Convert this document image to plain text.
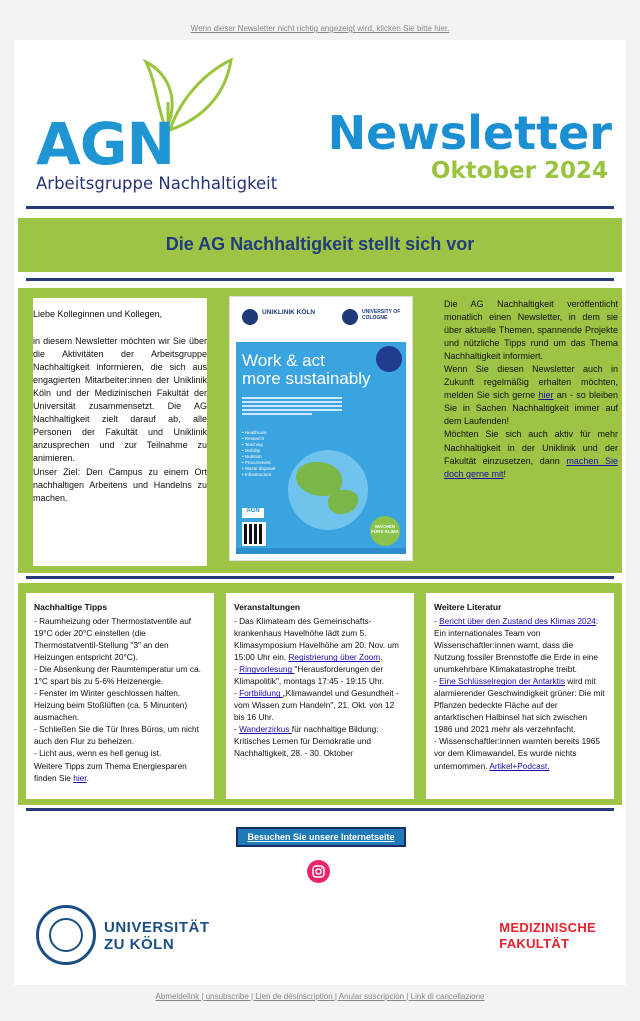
Wenn dieser Newsletter nicht richtig angezeigt wird, klicken Sie bitte hier.
AGN
Arbeitsgruppe Nachhaltigkeit
Newsletter
Oktober 2024
Die AG Nachhaltigkeit stellt sich vor

Liebe Kolleginnen und Kollegen,

in diesem Newsletter möchten wir Sie über die Aktivitäten der Arbeitsgruppe Nachhaltigkeit informieren, die sich aus engagierten Mitarbeiter:innen der Uniklinik Köln und der Medizinischen Fakultät der Universität zusammensetzt. Die AG Nachhaltigkeit zielt darauf ab, alle Personen der Fakultät und Uniklinik anzusprechen und zur Teilnahme zu animieren.

Unser Ziel: Den Campus zu einem Ort nachhaltigen Arbeitens und Handelns zu machen.

UNIKLINIK KÖLN	UNIVERSITY OF COLOGNE
Work & act
more sustainably
• Healthcare
• Research
• Teaching
• Mobility
• Nutrition
• Procurement
• Waste disposal
• Infrastructure
AGN
MACHEN FÜRS KLIMA

Die AG Nachhaltigkeit veröffentlicht monatlich einen Newsletter, in dem sie über aktuelle Themen, spannende Projekte und nützliche Tipps rund um das Thema Nachhaltigkeit informiert.

Wenn Sie diesen Newsletter auch in Zukunft regelmäßig erhalten möchten, melden Sie sich gerne hier an - so bleiben Sie in Sachen Nachhaltigkeit immer auf dem Laufenden!

Möchten Sie sich auch aktiv für mehr Nachhaltigkeit in der Uniklinik und der Fakultät einzusetzen, dann machen Sie doch gerne mit!

Nachhaltige Tipps
- Raumheizung oder Thermostatventile auf 19°C oder 20°C einstellen (die Thermostatventil-Stellung "3" an den Heizungen entspricht 20°C).
- Die Absenkung der Raumtemperatur um ca. 1°C spart bis zu 5-6% Heizenergie.
- Fenster im Winter geschlossen halten. Heizung beim Stoßlüften (ca. 5 Minunten) ausmachen.
- Schließen Sie die Tür Ihres Büros, um nicht auch den Flur zu beheizen.
- Licht aus, wenn es hell genug ist.
Weitere Tipps zum Thema Energiesparen finden Sie hier.
Veranstaltungen
- Das Klimateam des Gemeinschafts-krankenhaus Havelhöhe lädt zum 5. Klimasymposium Havelhöhe am 20. Nov. um 15:00 Uhr ein. Registrierung über Zoom.
- Ringvorlesung "Herausforderungen der Klimapolitik", montags 17:45 - 19:15 Uhr.
- Fortbildung „Klimawandel und Gesundheit - vom Wissen zum Handeln", 21. Okt. von 12 bis 16 Uhr.
- Wanderzirkus für nachhaltige Bildung: Kritisches Lernen für Demokratie und Nachhaltigkeit, 28. - 30. Oktober
Weitere Literatur
- Bericht über den Zustand des Klimas 2024: Ein internationales Team von Wissenschaftler:innen warnt, dass die Nutzung fossiler Brennstoffe die Erde in eine unumkehrbare Klimakatastrophe treibt.
- Eine Schlüsselregion der Antarktis wird mit alarmierender Geschwindigkeit grüner: Die mit Pflanzen bedeckte Fläche auf der antarktischen Halbinsel hat sich zwischen 1986 und 2021 mehr als verzehnfacht.
- Wissenschaftler:innen warnten bereits 1965 vor dem Klimawandel. Es wurde nichts unternommen. Artikel+Podcast.
Besuchen Sie unsere Internetseite
UNIVERSITÄT
ZU KÖLN
MEDIZINISCHE
FAKULTÄT
Abmeldelink | unsubscribe | Lien de désinscription | Anular suscripcion | Link di cancellazione
